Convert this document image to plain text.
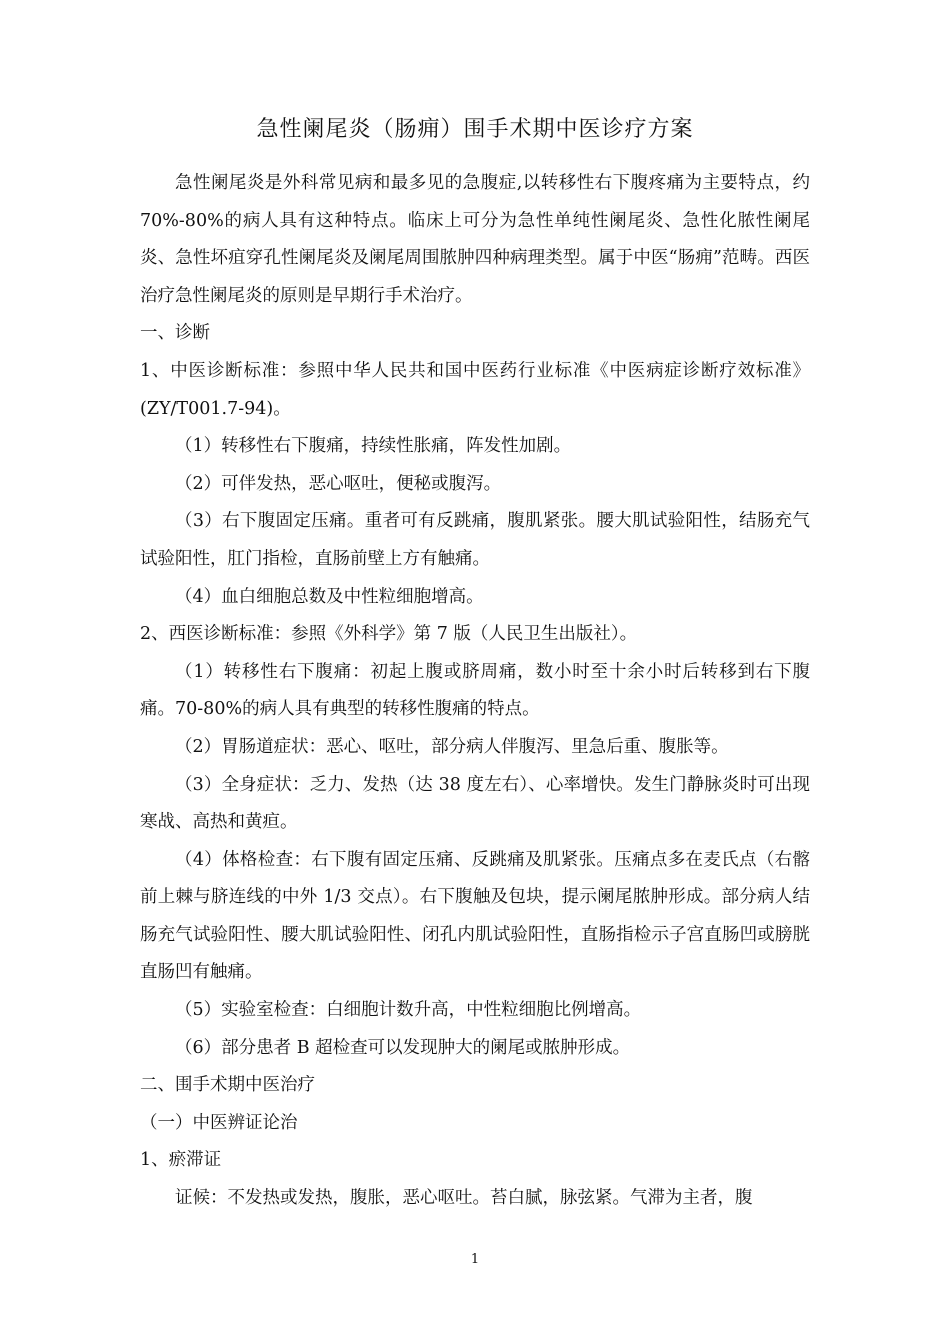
急性阑尾炎（肠痈）围手术期中医诊疗方案

急性阑尾炎是外科常见病和最多见的急腹症,以转移性右下腹疼痛为主要特点，约 70%-80%的病人具有这种特点。临床上可分为急性单纯性阑尾炎、急性化脓性阑尾炎、急性坏疽穿孔性阑尾炎及阑尾周围脓肿四种病理类型。属于中医“肠痈”范畴。西医治疗急性阑尾炎的原则是早期行手术治疗。

一、诊断

1、中医诊断标准：参照中华人民共和国中医药行业标准《中医病症诊断疗效标准》(ZY/T001.7-94)。

（1）转移性右下腹痛，持续性胀痛，阵发性加剧。

（2）可伴发热，恶心呕吐，便秘或腹泻。

（3）右下腹固定压痛。重者可有反跳痛，腹肌紧张。腰大肌试验阳性，结肠充气试验阳性，肛门指检，直肠前壁上方有触痛。

（4）血白细胞总数及中性粒细胞增高。

2、西医诊断标准：参照《外科学》第 7 版（人民卫生出版社）。

（1）转移性右下腹痛：初起上腹或脐周痛，数小时至十余小时后转移到右下腹痛。70-80%的病人具有典型的转移性腹痛的特点。

（2）胃肠道症状：恶心、呕吐，部分病人伴腹泻、里急后重、腹胀等。

（3）全身症状：乏力、发热（达 38 度左右）、心率增快。发生门静脉炎时可出现寒战、高热和黄疸。

（4）体格检查：右下腹有固定压痛、反跳痛及肌紧张。压痛点多在麦氏点（右髂前上棘与脐连线的中外 1/3 交点）。右下腹触及包块，提示阑尾脓肿形成。部分病人结肠充气试验阳性、腰大肌试验阳性、闭孔内肌试验阳性，直肠指检示子宫直肠凹或膀胱直肠凹有触痛。

（5）实验室检查：白细胞计数升高，中性粒细胞比例增高。

（6）部分患者 B 超检查可以发现肿大的阑尾或脓肿形成。

二、围手术期中医治疗

（一）中医辨证论治

1、瘀滞证

证候：不发热或发热，腹胀，恶心呕吐。苔白腻，脉弦紧。气滞为主者，腹

1
